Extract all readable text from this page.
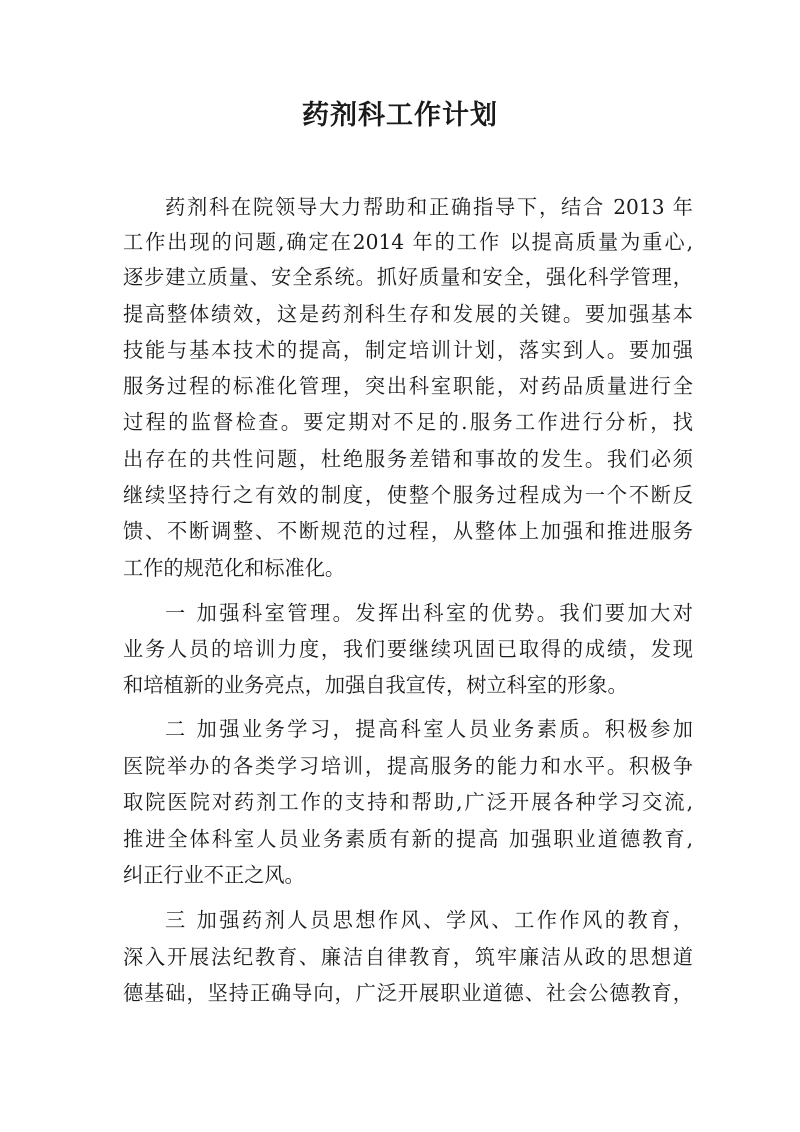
药剂科工作计划
药剂科在院领导大力帮助和正确指导下，结合 2013 年
工作出现的问题,确定在2014 年的工作 以提高质量为重心,
逐步建立质量、安全系统。抓好质量和安全，强化科学管理，
提高整体绩效，这是药剂科生存和发展的关键。要加强基本
技能与基本技术的提高，制定培训计划，落实到人。要加强
服务过程的标准化管理，突出科室职能，对药品质量进行全
过程的监督检查。要定期对不足的.服务工作进行分析，找
出存在的共性问题，杜绝服务差错和事故的发生。我们必须
继续坚持行之有效的制度，使整个服务过程成为一个不断反
馈、不断调整、不断规范的过程，从整体上加强和推进服务
工作的规范化和标准化。
一 加强科室管理。发挥出科室的优势。我们要加大对
业务人员的培训力度，我们要继续巩固已取得的成绩，发现
和培植新的业务亮点，加强自我宣传，树立科室的形象。
二 加强业务学习，提高科室人员业务素质。积极参加
医院举办的各类学习培训，提高服务的能力和水平。积极争
取院医院对药剂工作的支持和帮助,广泛开展各种学习交流,
推进全体科室人员业务素质有新的提高 加强职业道德教育,
纠正行业不正之风。
三 加强药剂人员思想作风、学风、工作作风的教育，
深入开展法纪教育、廉洁自律教育，筑牢廉洁从政的思想道
德基础，坚持正确导向，广泛开展职业道德、社会公德教育，
